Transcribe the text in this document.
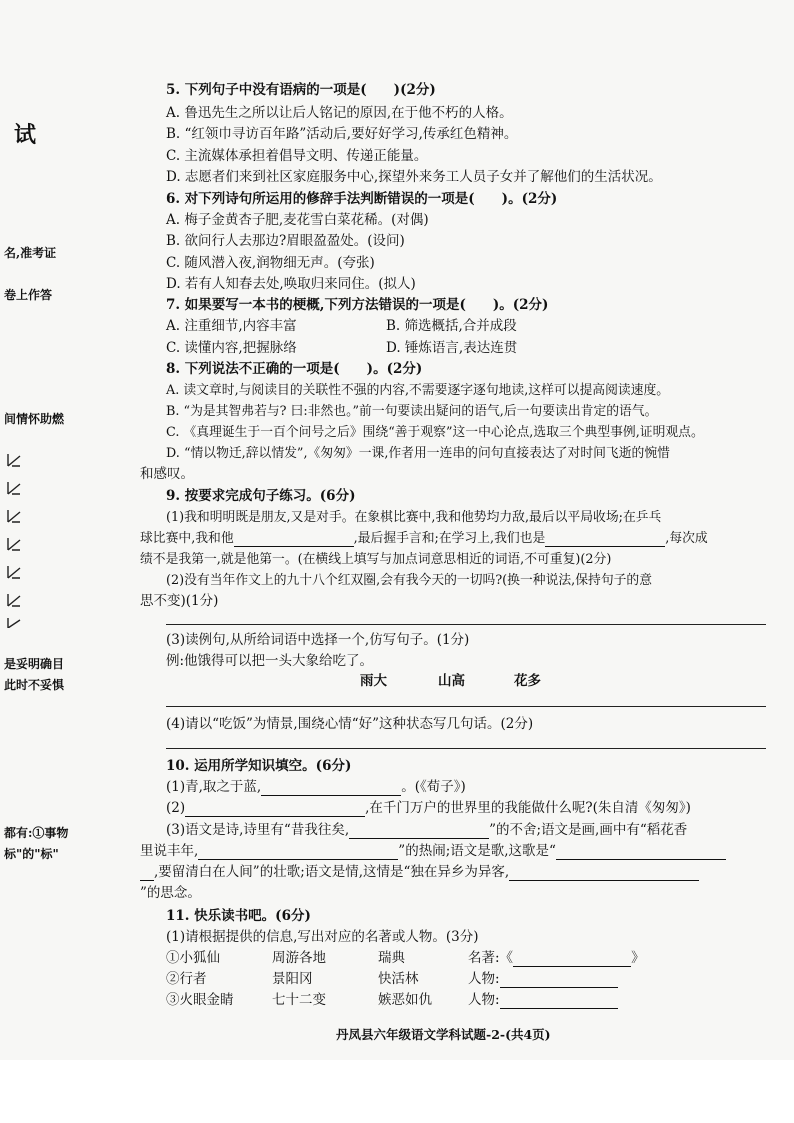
试
名,准考证
卷上作答
间情怀助燃
是妥明确目
此时不妥惧
都有:①事物
标"的"标"
5. 下列句子中没有语病的一项是(　　)(2分)
A. 鲁迅先生之所以让后人铭记的原因,在于他不朽的人格。
B. “红领巾寻访百年路”活动后,要好好学习,传承红色精神。
C. 主流媒体承担着倡导文明、传递正能量。
D. 志愿者们来到社区家庭服务中心,探望外来务工人员子女并了解他们的生活状况。
6. 对下列诗句所运用的修辞手法判断错误的一项是(　　)。(2分)
A. 梅子金黄杏子肥,麦花雪白菜花稀。(对偶)
B. 欲问行人去那边?眉眼盈盈处。(设问)
C. 随风潜入夜,润物细无声。(夸张)
D. 若有人知春去处,唤取归来同住。(拟人)
7. 如果要写一本书的梗概,下列方法错误的一项是(　　)。(2分)
A. 注重细节,内容丰富	B. 筛选概括,合并成段
C. 读懂内容,把握脉络	D. 锤炼语言,表达连贯
8. 下列说法不正确的一项是(　　)。(2分)
A. 读文章时,与阅读目的关联性不强的内容,不需要逐字逐句地读,这样可以提高阅读速度。
B. “为是其智弗若与? 曰:非然也。”前一句要读出疑问的语气,后一句要读出肯定的语气。
C. 《真理诞生于一百个问号之后》围绕“善于观察”这一中心论点,选取三个典型事例,证明观点。
D. “情以物迁,辞以情发”,《匆匆》一课,作者用一连串的问句直接表达了对时间飞逝的惋惜
和感叹。
9. 按要求完成句子练习。(6分)
(1)我和明明既是朋友,又是对手。在象棋比赛中,我和他势均力敌,最后以平局收场;在乒乓
球比赛中,我和他	,最后握手言和;在学习上,我们也是	,每次成
绩不是我第一,就是他第一。(在横线上填写与加点词意思相近的词语,不可重复)(2分)
(2)没有当年作文上的九十八个红双圈,会有我今天的一切吗?(换一种说法,保持句子的意
思不变)(1分)
(3)读例句,从所给词语中选择一个,仿写句子。(1分)
例:他饿得可以把一头大象给吃了。
雨大	山高	花多
(4)请以“吃饭”为情景,围绕心情“好”这种状态写几句话。(2分)
10. 运用所学知识填空。(6分)
(1)青,取之于蓝,	。(《荀子》)
(2)	,在千门万户的世界里的我能做什么呢?(朱自清《匆匆》)
(3)语文是诗,诗里有“昔我往矣,	”的不舍;语文是画,画中有“稻花香
里说丰年,	”的热闹;语文是歌,这歌是“
,要留清白在人间”的壮歌;语文是情,这情是“独在异乡为异客,
”的思念。
11. 快乐读书吧。(6分)
(1)请根据提供的信息,写出对应的名著或人物。(3分)
①小狐仙	周游各地	瑞典	名著:《	》
②行者	景阳冈	快活林	人物:
③火眼金睛	七十二变	嫉恶如仇	人物:
丹凤县六年级语文学科试题-2-(共4页)
